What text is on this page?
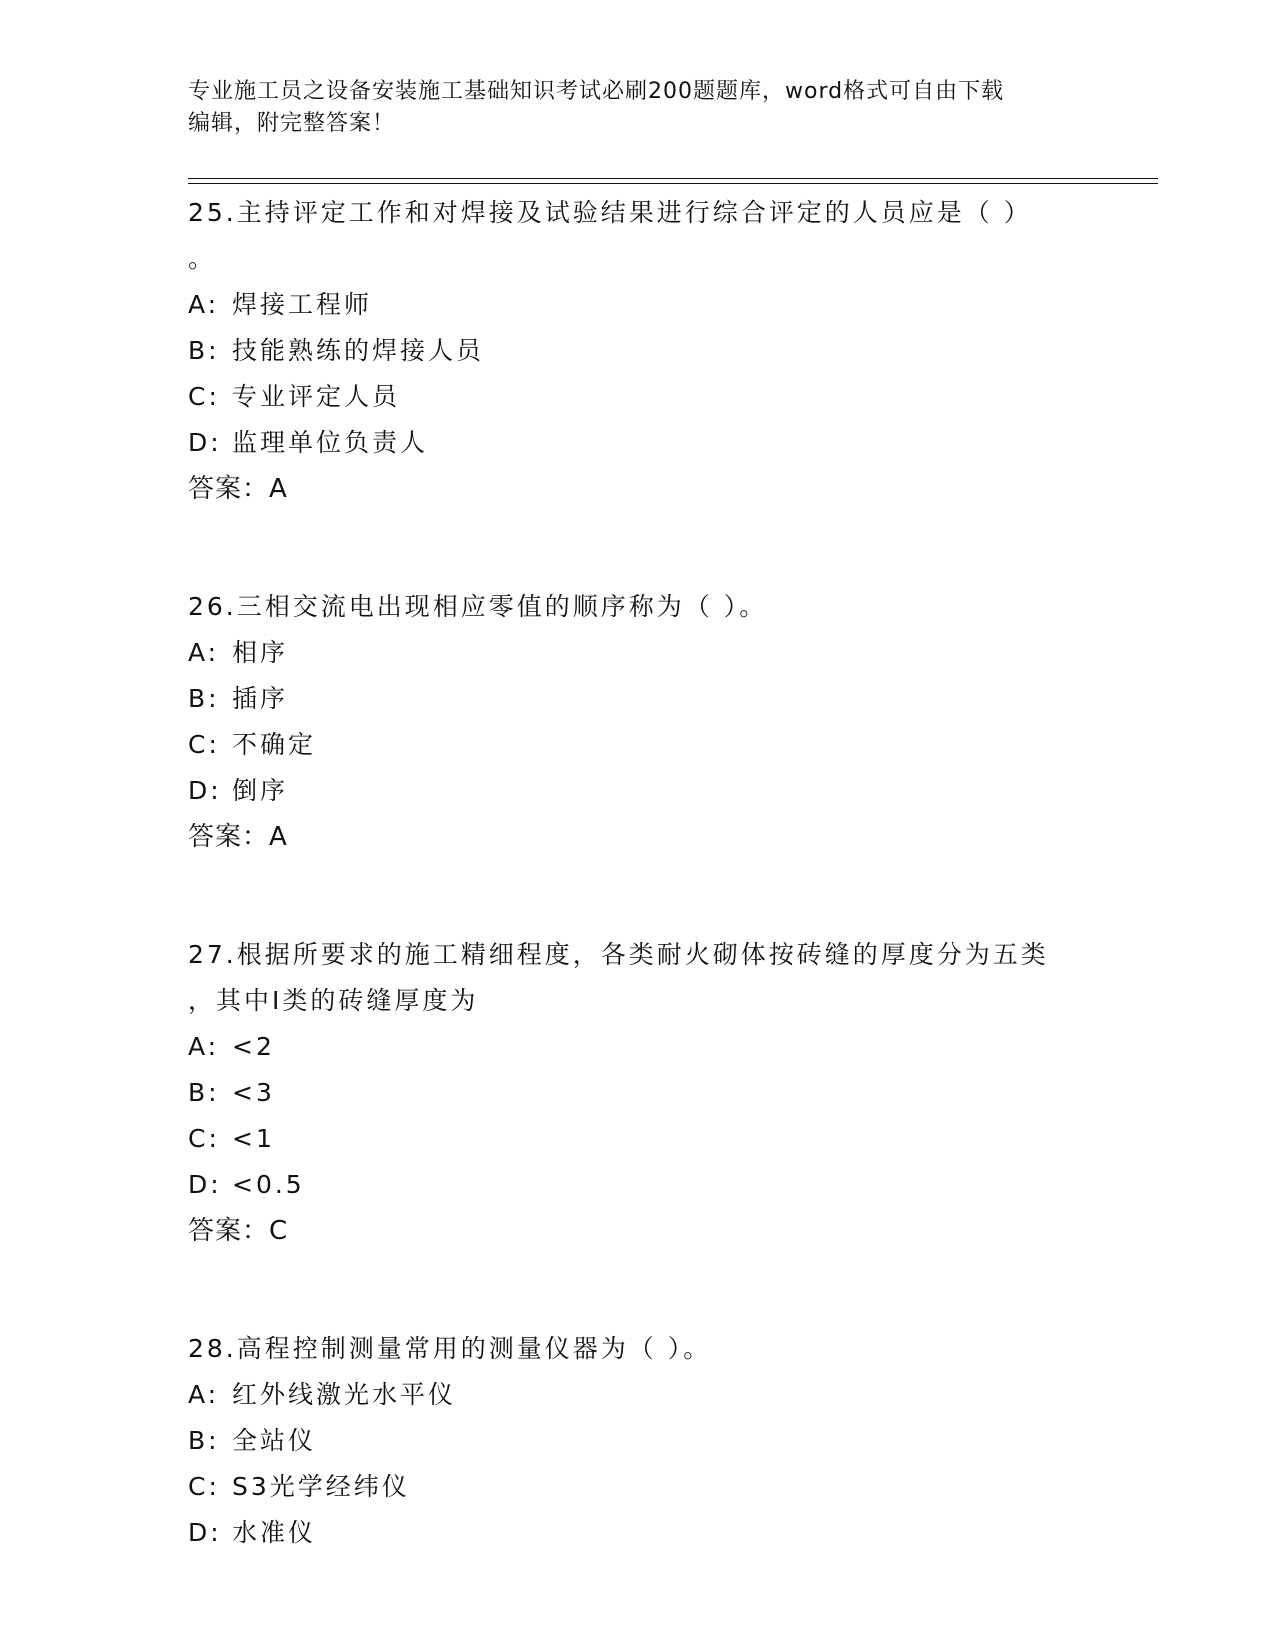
专业施工员之设备安装施工基础知识考试必刷200题题库，word格式可自由下载
编辑，附完整答案！
25.主持评定工作和对焊接及试验结果进行综合评定的人员应是（ ）
。
A: 焊接工程师
B: 技能熟练的焊接人员
C: 专业评定人员
D: 监理单位负责人
答案：A
26.三相交流电出现相应零值的顺序称为（ ）。
A: 相序
B: 插序
C: 不确定
D: 倒序
答案：A
27.根据所要求的施工精细程度，各类耐火砌体按砖缝的厚度分为五类
，其中Ⅰ类的砖缝厚度为
A: <2
B: <3
C: <1
D: <0.5
答案：C
28.高程控制测量常用的测量仪器为（ ）。
A: 红外线激光水平仪
B: 全站仪
C: S3光学经纬仪
D: 水准仪
